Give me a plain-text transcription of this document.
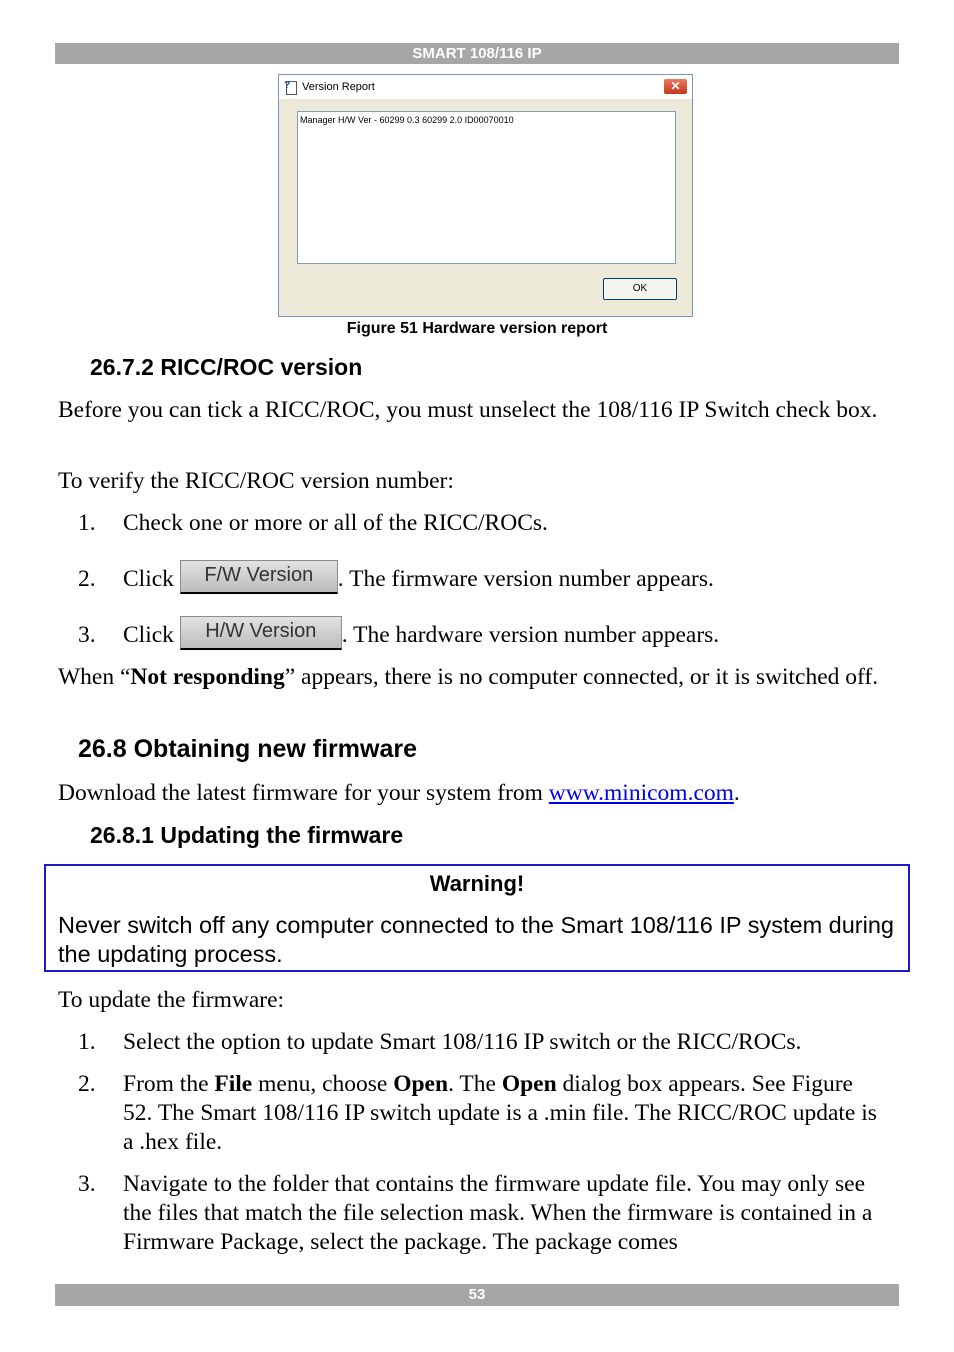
SMART 108/116 IP
? Version Report	✕
Manager H/W Ver - 60299 0.3 60299 2.0 ID00070010
OK
Figure 51 Hardware version report
26.7.2 RICC/ROC version
Before you can tick a RICC/ROC, you must unselect the 108/116 IP Switch check box.
To verify the RICC/ROC version number:
1. Check one or more or all of the RICC/ROCs.
2. Click F/W Version . The firmware version number appears.
3. Click H/W Version . The hardware version number appears.
When “Not responding” appears, there is no computer connected, or it is switched off.
26.8 Obtaining new firmware
Download the latest firmware for your system from www.minicom.com.
26.8.1 Updating the firmware
Warning!
Never switch off any computer connected to the Smart 108/116 IP system during the updating process.
To update the firmware:
1. Select the option to update Smart 108/116 IP switch or the RICC/ROCs.
2. From the File menu, choose Open. The Open dialog box appears. See Figure 52. The Smart 108/116 IP switch update is a .min file. The RICC/ROC update is a .hex file.
3. Navigate to the folder that contains the firmware update file. You may only see the files that match the file selection mask. When the firmware is contained in a Firmware Package, select the package. The package comes
53
